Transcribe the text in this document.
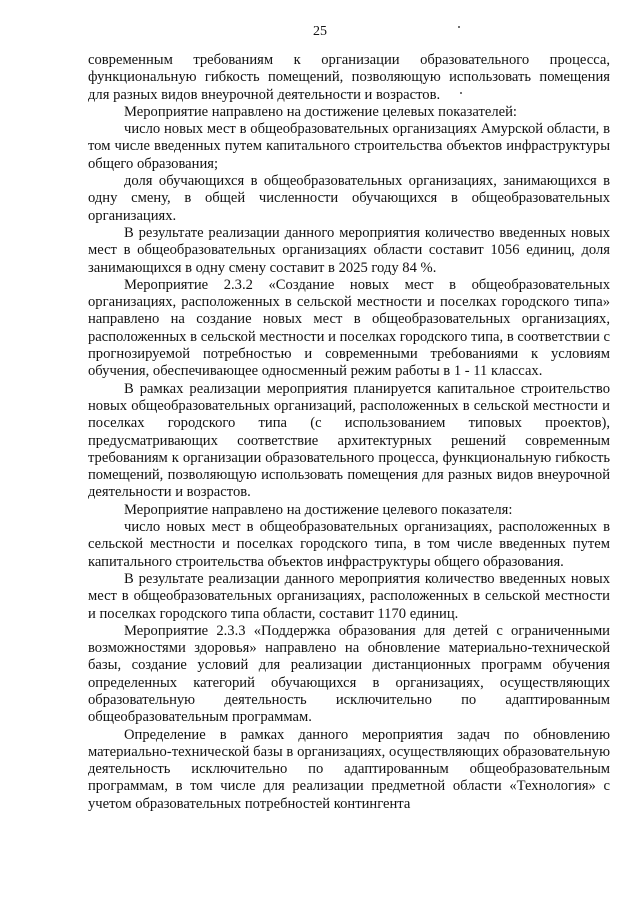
25

современным требованиям к организации образовательного процесса, функциональную гибкость помещений, позволяющую использовать помещения для разных видов внеурочной деятельности и возрастов.

Мероприятие направлено на достижение целевых показателей:

число новых мест в общеобразовательных организациях Амурской области, в том числе введенных путем капитального строительства объектов инфраструктуры общего образования;

доля обучающихся в общеобразовательных организациях, занимающихся в одну смену, в общей численности обучающихся в общеобразовательных организациях.

В результате реализации данного мероприятия количество введенных новых мест в общеобразовательных организациях области составит 1056 единиц, доля занимающихся в одну смену составит в 2025 году 84 %.

Мероприятие 2.3.2 «Создание новых мест в общеобразовательных организациях, расположенных в сельской местности и поселках городского типа» направлено на создание новых мест в общеобразовательных организациях, расположенных в сельской местности и поселках городского типа, в соответствии с прогнозируемой потребностью и современными требованиями к условиям обучения, обеспечивающее односменный режим работы в 1 - 11 классах.

В рамках реализации мероприятия планируется капитальное строительство новых общеобразовательных организаций, расположенных в сельской местности и поселках городского типа (с использованием типовых проектов), предусматривающих соответствие архитектурных решений современным требованиям к организации образовательного процесса, функциональную гибкость помещений, позволяющую использовать помещения для разных видов внеурочной деятельности и возрастов.

Мероприятие направлено на достижение целевого показателя:

число новых мест в общеобразовательных организациях, расположенных в сельской местности и поселках городского типа, в том числе введенных путем капитального строительства объектов инфраструктуры общего образования.

В результате реализации данного мероприятия количество введенных новых мест в общеобразовательных организациях, расположенных в сельской местности и поселках городского типа области, составит 1170 единиц.

Мероприятие 2.3.3 «Поддержка образования для детей с ограниченными возможностями здоровья» направлено на обновление материально-технической базы, создание условий для реализации дистанционных программ обучения определенных категорий обучающихся в организациях, осуществляющих образовательную деятельность исключительно по адаптированным общеобразовательным программам.

Определение в рамках данного мероприятия задач по обновлению материально-технической базы в организациях, осуществляющих образовательную деятельность исключительно по адаптированным общеобразовательным программам, в том числе для реализации предметной области «Технология» с учетом образовательных потребностей контингента
